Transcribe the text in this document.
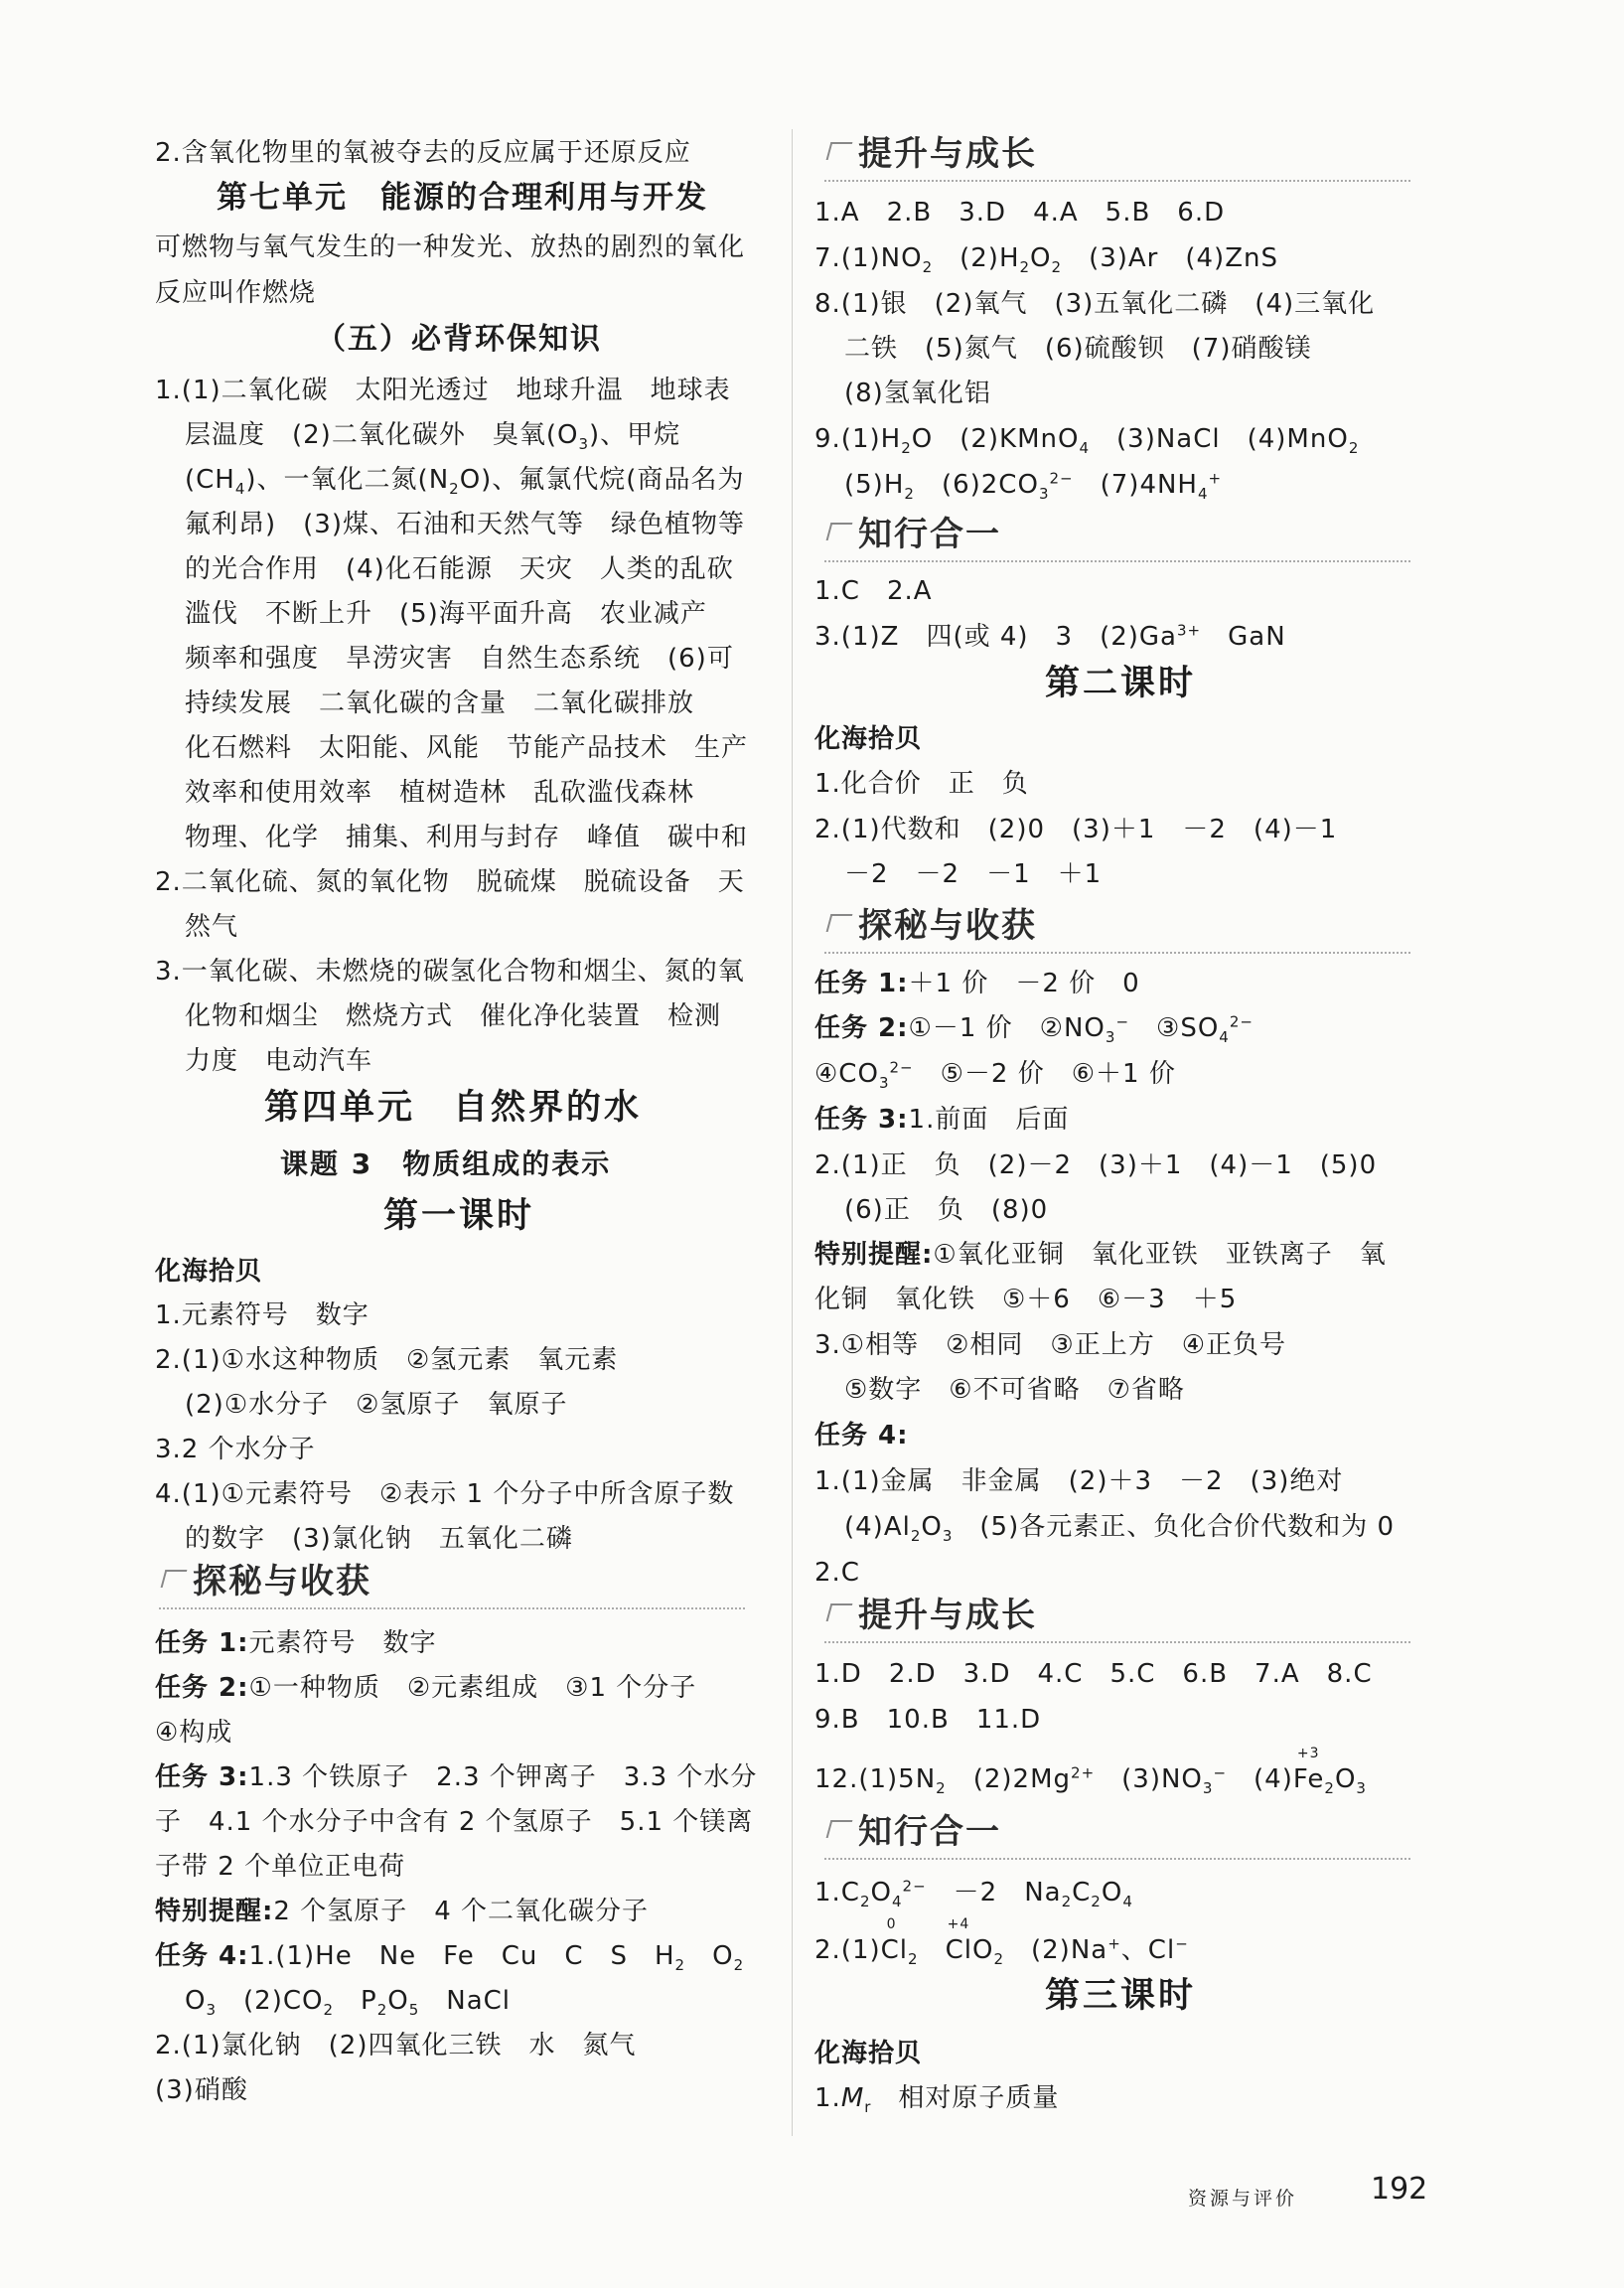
2.含氧化物里的氧被夺去的反应属于还原反应
第七单元　能源的合理利用与开发
可燃物与氧气发生的一种发光、放热的剧烈的氧化
反应叫作燃烧
（五）必背环保知识
1.(1)二氧化碳　太阳光透过　地球升温　地球表
层温度　(2)二氧化碳外　臭氧$(O_3)$、甲烷
$(CH_4)$、一氧化二氮$(N_2O)$、氟氯代烷(商品名为
氟利昂)　(3)煤、石油和天然气等　绿色植物等
的光合作用　(4)化石能源　天灾　人类的乱砍
滥伐　不断上升　(5)海平面升高　农业减产
频率和强度　旱涝灾害　自然生态系统　(6)可
持续发展　二氧化碳的含量　二氧化碳排放
化石燃料　太阳能、风能　节能产品技术　生产
效率和使用效率　植树造林　乱砍滥伐森林
物理、化学　捕集、利用与封存　峰值　碳中和
2.二氧化硫、氮的氧化物　脱硫煤　脱硫设备　天
然气
3.一氧化碳、未燃烧的碳氢化合物和烟尘、氮的氧
化物和烟尘　燃烧方式　催化净化装置　检测
力度　电动汽车
第四单元　自然界的水
课题 3　物质组成的表示
第一课时
化海拾贝
1.元素符号　数字
2.(1)①水这种物质　②氢元素　氧元素
(2)①水分子　②氢原子　氧原子
3.2 个水分子
4.(1)①元素符号　②表示 1 个分子中所含原子数
的数字　(3)氯化钠　五氧化二磷
探秘与收获
任务 1:元素符号　数字
任务 2:①一种物质　②元素组成　③1 个分子
④构成
任务 3:1.3 个铁原子　2.3 个钾离子　3.3 个水分
子　4.1 个水分子中含有 2 个氢原子　5.1 个镁离
子带 2 个单位正电荷
特别提醒:2 个氢原子　4 个二氧化碳分子
任务 4:1.(1)He　Ne　Fe　Cu　C　S　$H_2$　$O_2$
$O_3$　$(2)CO_2$　$P_2O_5$　NaCl
2.(1)氯化钠　(2)四氧化三铁　水　氮气
(3)硝酸
提升与成长
1.A　2.B　3.D　4.A　5.B　6.D
$7.(1)NO_2$　$(2)H_2O_2$　(3)Ar　(4)ZnS
8.(1)银　(2)氧气　(3)五氧化二磷　(4)三氧化
二铁　(5)氮气　(6)硫酸钡　(7)硝酸镁
(8)氢氧化铝
$9.(1)H_2O$　(2)KMnO$_4$　(3)NaCl　(4)MnO$_2$
$(5)H_2$　$(6)2CO_3^{2-}$　$(7)4NH_4^+$
知行合一
1.C　2.A
3.(1)Z　四(或 4)　3　$(2)Ga^{3+}$　GaN
第二课时
化海拾贝
1.化合价　正　负
2.(1)代数和　(2)0　(3)＋1　－2　(4)－1
－2　－2　－1　＋1
探秘与收获
任务 1:＋1 价　－2 价　0
任务 2:①－1 价　$②NO_3^-$　$③SO_4^{2-}$
$④CO_3^{2-}$　⑤－2 价　⑥＋1 价
任务 3:1.前面　后面
2.(1)正　负　(2)－2　(3)＋1　(4)－1　(5)0
(6)正　负　(8)0
特别提醒:①氧化亚铜　氧化亚铁　亚铁离子　氧
化铜　氧化铁　⑤＋6　⑥－3　＋5
3.①相等　②相同　③正上方　④正负号
⑤数字　⑥不可省略　⑦省略
任务 4:
1.(1)金属　非金属　(2)＋3　－2　(3)绝对
$(4)Al_2O_3$　(5)各元素正、负化合价代数和为 0
2.C
提升与成长
1.D　2.D　3.D　4.C　5.C　6.B　7.A　8.C
9.B　10.B　11.D
$12.(1)5N_2$　$(2)2Mg^{2+}$　$(3)NO_3^-$　(4)
+3
$Fe_2O_3$
知行合一
$1.C_2O_4^{2-}$　－2　$Na_2C_2O_4$
2.(1)
0
$Cl_2$　
+4
ClO$_2$　(2)Na+、Cl−
第三课时
化海拾贝
$1.M_r$　相对原子质量
资源与评价 192
